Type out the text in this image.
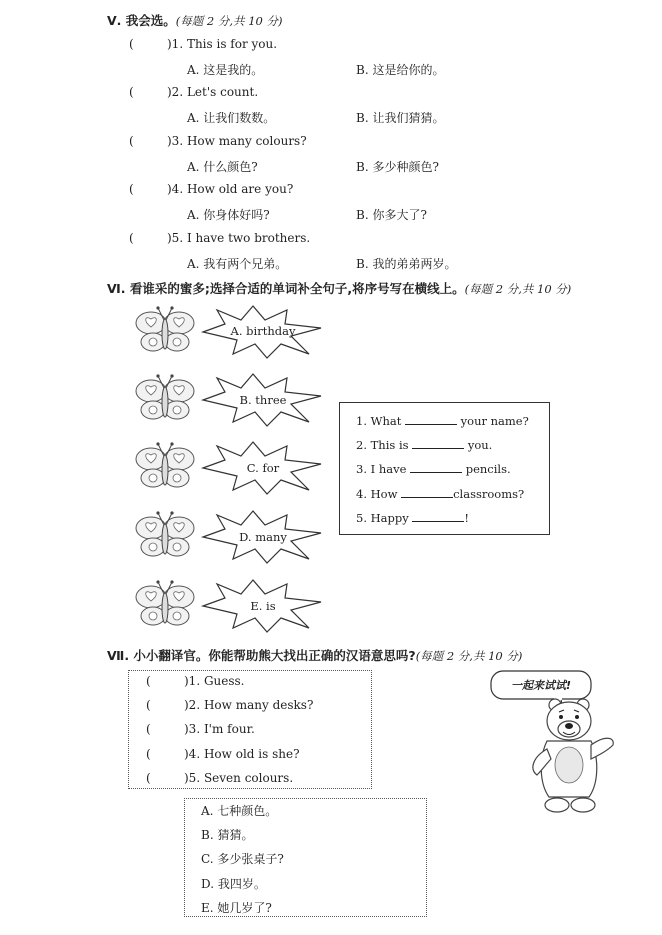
Ⅴ. 我会选。(每题 2 分,共 10 分)
(	)1. This is for you.
A. 这是我的。	B. 这是给你的。
(	)2. Let's count.
A. 让我们数数。	B. 让我们猜猜。
(	)3. How many colours?
A. 什么颜色?	B. 多少种颜色?
(	)4. How old are you?
A. 你身体好吗?	B. 你多大了?
(	)5. I have two brothers.
A. 我有两个兄弟。	B. 我的弟弟两岁。
Ⅵ. 看谁采的蜜多;选择合适的单词补全句子,将序号写在横线上。(每题 2 分,共 10 分)
A. birthday
B. three
C. for
D. many
E. is
1. What	your name?
2. This is	you.
3. I have	pencils.
4. How	classrooms?
5. Happy	!
Ⅶ. 小小翻译官。你能帮助熊大找出正确的汉语意思吗?(每题 2 分,共 10 分)
(	)1. Guess.
(	)2. How many desks?
(	)3. I'm four.
(	)4. How old is she?
(	)5. Seven colours.
A. 七种颜色。
B. 猜猜。
C. 多少张桌子?
D. 我四岁。
E. 她几岁了?
一起来试试!
